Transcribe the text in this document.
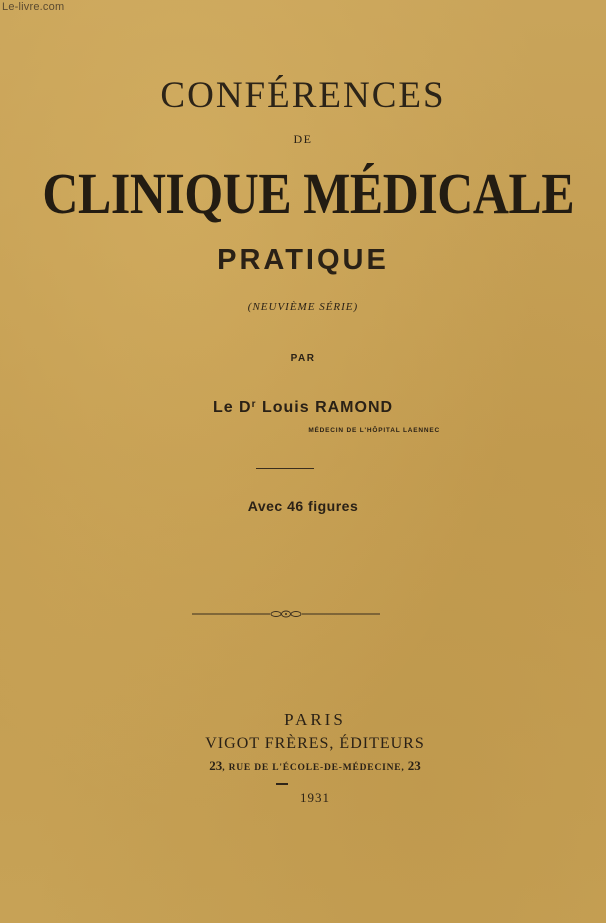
Le-livre.com
CONFÉRENCES
DE
CLINIQUE MÉDICALE
PRATIQUE
(NEUVIÈME SÉRIE)
PAR
Le $D^r$ Louis RAMOND
MÉDECIN DE L'HÔPITAL LAENNEC
Avec 46 figures
PARIS
VIGOT FRÈRES, ÉDITEURS
23, RUE DE L'ÉCOLE-DE-MÉDECINE, 23
1931
